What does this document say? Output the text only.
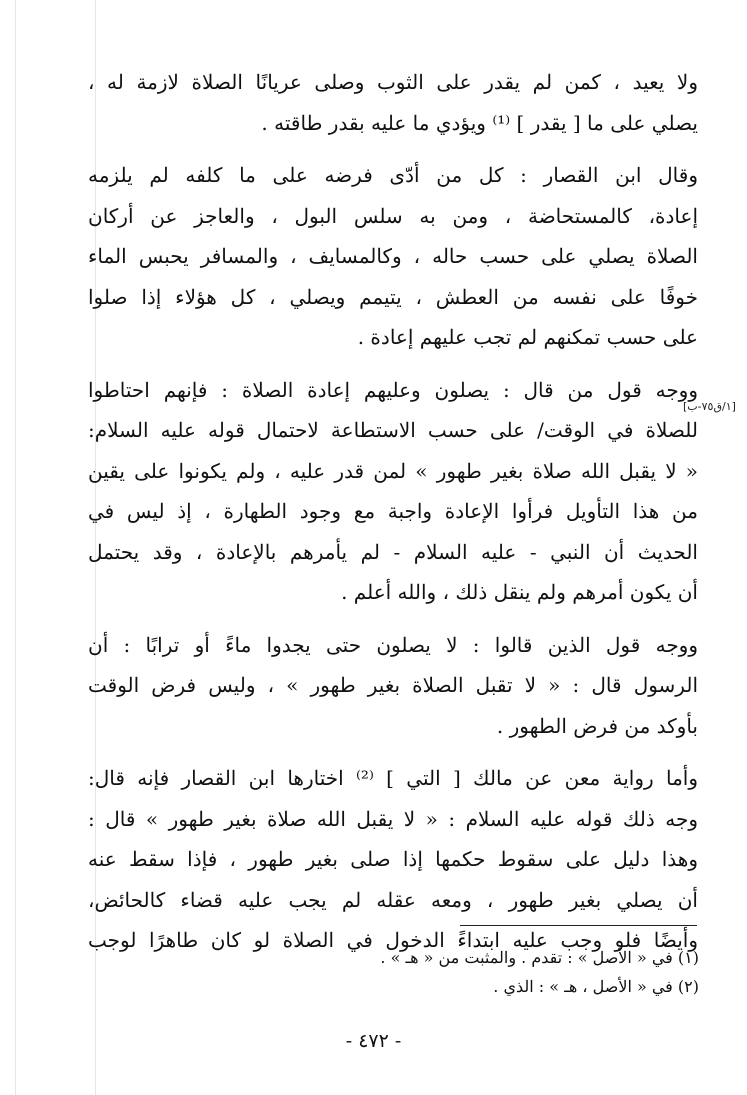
ولا يعيد ، كمن لم يقدر على الثوب وصلى عريانًا الصلاة لازمة له ،
يصلي على ما [ يقدر ] ⁽¹⁾ ويؤدي ما عليه بقدر طاقته .

وقال ابن القصار : كل من أدّى فرضه على ما كلفه لم يلزمه
إعادة، كالمستحاضة ، ومن به سلس البول ، والعاجز عن أركان
الصلاة يصلي على حسب حاله ، وكالمسايف ، والمسافر يحبس الماء
خوفًا على نفسه من العطش ، يتيمم ويصلي ، كل هؤلاء إذا صلوا
على حسب تمكنهم لم تجب عليهم إعادة .

ووجه قول من قال : يصلون وعليهم إعادة الصلاة : فإنهم احتاطوا
للصلاة في الوقت/ على حسب الاستطاعة لاحتمال قوله عليه السلام:
« لا يقبل الله صلاة بغير طهور » لمن قدر عليه ، ولم يكونوا على يقين
من هذا التأويل فرأوا الإعادة واجبة مع وجود الطهارة ، إذ ليس في
الحديث أن النبي - عليه السلام - لم يأمرهم بالإعادة ، وقد يحتمل
أن يكون أمرهم ولم ينقل ذلك ، والله أعلم .

ووجه قول الذين قالوا : لا يصلون حتى يجدوا ماءً أو ترابًا : أن
الرسول قال : « لا تقبل الصلاة بغير طهور » ، وليس فرض الوقت
بأوكد من فرض الطهور .

وأما رواية معن عن مالك [ التي ] ⁽²⁾ اختارها ابن القصار فإنه قال:
وجه ذلك قوله عليه السلام : « لا يقبل الله صلاة بغير طهور » قال :
وهذا دليل على سقوط حكمها إذا صلى بغير طهور ، فإذا سقط عنه
أن يصلي بغير طهور ، ومعه عقله لم يجب عليه قضاء كالحائض،
وأيضًا فلو وجب عليه ابتداءً الدخول في الصلاة لو كان طاهرًا لوجب

[١/ق٧٥-ب]
(١) في « الأصل » : تقدم . والمثبت من « هـ » .
(٢) في « الأصل ، هـ » : الذي .
- ٤٧٢ -
